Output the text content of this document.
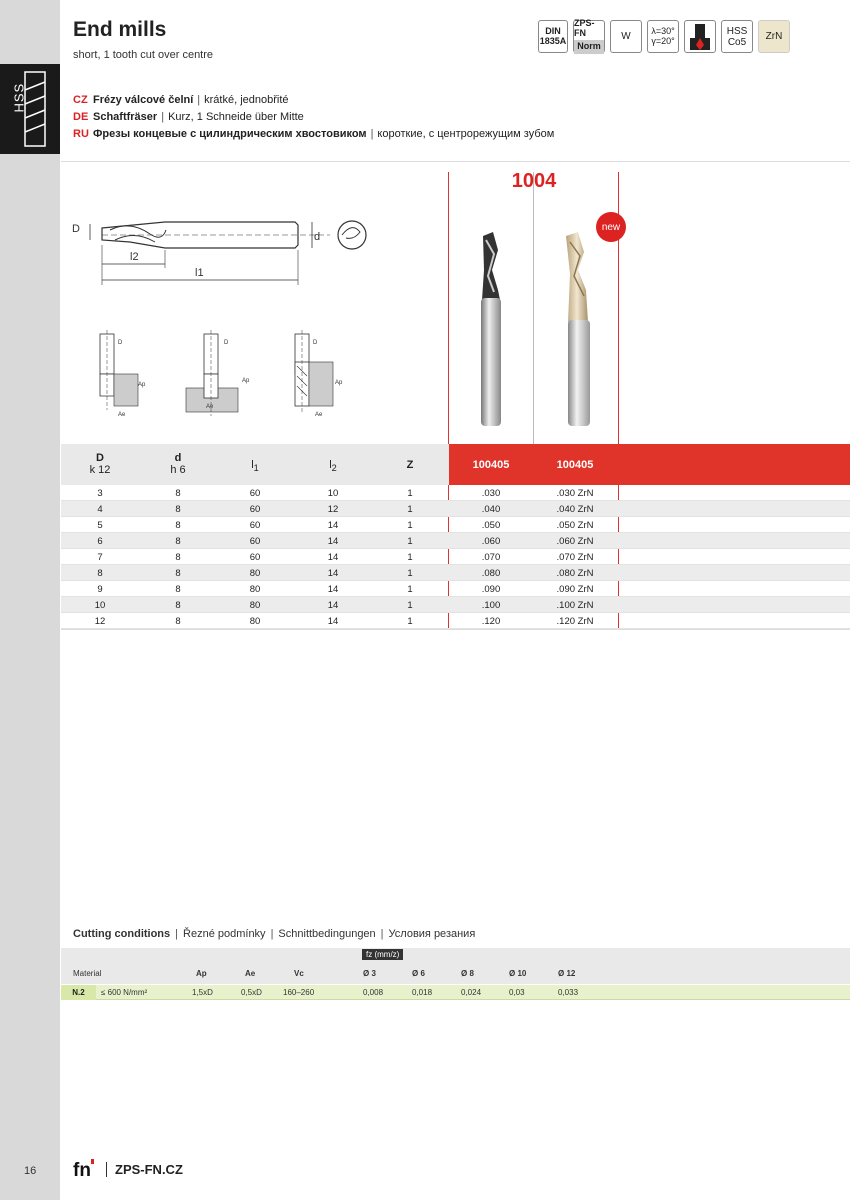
HSS
16
End mills
short, 1 tooth cut over centre
DIN
1835A
ZPS-FN
Norm
W
λ=30°
γ=20°
HSS
Co5 ZrN
CZ Frézy válcové čelní | krátké, jednobřité
DE Schaftfräser | Kurz, 1 Schneide über Mitte
RU Фрезы концевые с цилиндрическим хвостовиком | короткие, с центрорежущим зубом
D
d
l2
l1
D
Ap
Ae
D
Ap
Ae
D
Ap
Ae
1004
new
D
k 12
d
h 6	$l_1$	$l_2$	Z	100405	100405
3	8	60	10	1	.030	.030 ZrN
4	8	60	12	1	.040	.040 ZrN
5	8	60	14	1	.050	.050 ZrN
6	8	60	14	1	.060	.060 ZrN
7	8	60	14	1	.070	.070 ZrN
8	8	80	14	1	.080	.080 ZrN
9	8	80	14	1	.090	.090 ZrN
10	8	80	14	1	.100	.100 ZrN
12	8	80	14	1	.120	.120 ZrN
Cutting conditions | Řezné podmínky | Schnittbedingungen | Условия резания
fz (mm/z)
Material	Ap	Ae	Vc	Ø 3	Ø 6	Ø 8	Ø 10	Ø 12
N.2	≤ 600 N/mm²	1,5xD	0,5xD	160–260	0,008	0,018	0,024	0,03	0,033
fn	ZPS-FN.CZ
